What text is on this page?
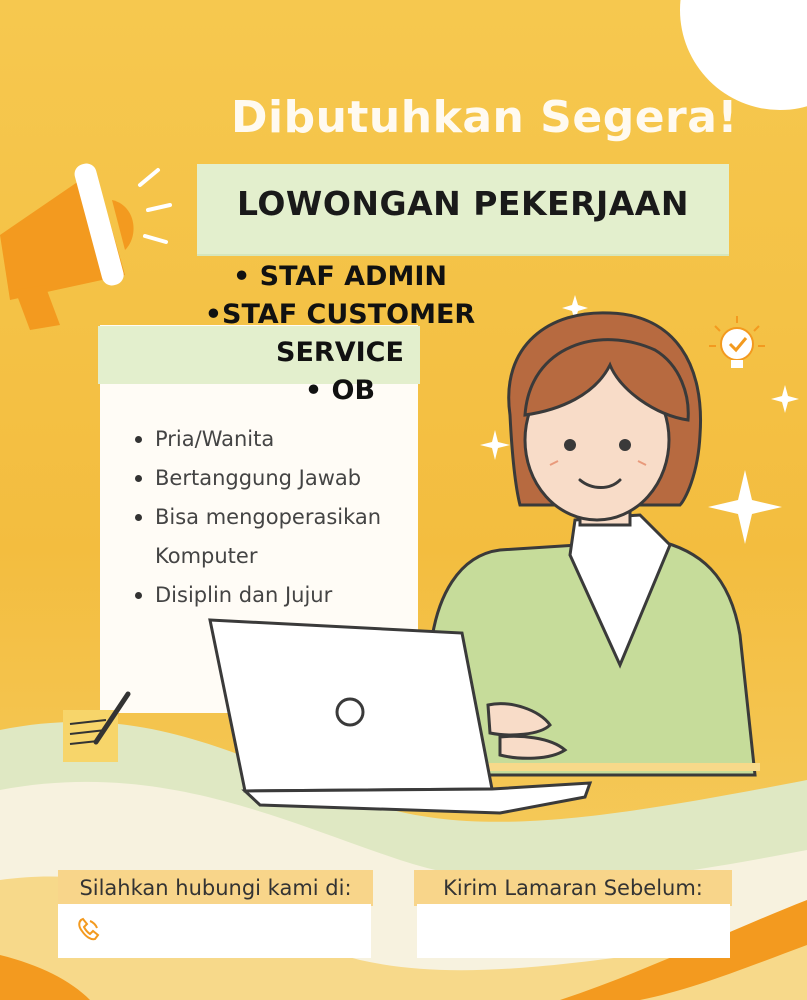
Pria/Wanita
Bertanggung Jawab
Bisa mengoperasikan
Komputer
Disiplin dan Jujur
Dibutuhkan Segera!
LOWONGAN PEKERJAAN
• STAF ADMIN
•STAF CUSTOMER
SERVICE
• OB
Silahkan hubungi kami di:	Kirim Lamaran Sebelum:
